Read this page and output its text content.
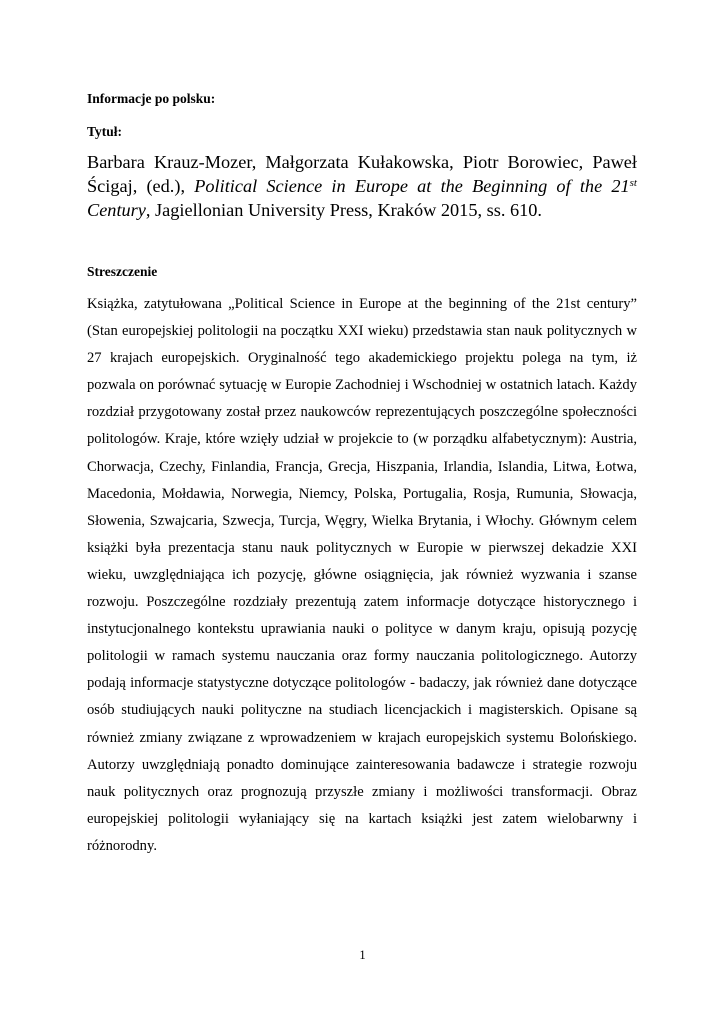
Informacje po polsku:
Tytuł:
Barbara Krauz-Mozer, Małgorzata Kułakowska, Piotr Borowiec, Paweł Ścigaj, (ed.), Political Science in Europe at the Beginning of the 21st Century, Jagiellonian University Press, Kraków 2015, ss. 610.
Streszczenie

Książka, zatytułowana „Political Science in Europe at the beginning of the 21st century” (Stan europejskiej politologii na początku XXI wieku) przedstawia stan nauk politycznych w 27 krajach europejskich. Oryginalność tego akademickiego projektu polega na tym, iż pozwala on porównać sytuację w Europie Zachodniej i Wschodniej w ostatnich latach. Każdy rozdział przygotowany został przez naukowców reprezentujących poszczególne społeczności politologów. Kraje, które wzięły udział w projekcie to (w porządku alfabetycznym): Austria, Chorwacja, Czechy, Finlandia, Francja, Grecja, Hiszpania, Irlandia, Islandia, Litwa, Łotwa, Macedonia, Mołdawia, Norwegia, Niemcy, Polska, Portugalia, Rosja, Rumunia, Słowacja, Słowenia, Szwajcaria, Szwecja, Turcja, Węgry, Wielka Brytania, i Włochy. Głównym celem książki była prezentacja stanu nauk politycznych w Europie w pierwszej dekadzie XXI wieku, uwzględniająca ich pozycję, główne osiągnięcia, jak również wyzwania i szanse rozwoju. Poszczególne rozdziały prezentują zatem informacje dotyczące historycznego i instytucjonalnego kontekstu uprawiania nauki o polityce w danym kraju, opisują pozycję politologii w ramach systemu nauczania oraz formy nauczania politologicznego. Autorzy podają informacje statystyczne dotyczące politologów - badaczy, jak również dane dotyczące osób studiujących nauki polityczne na studiach licencjackich i magisterskich. Opisane są również zmiany związane z wprowadzeniem w krajach europejskich systemu Bolońskiego. Autorzy uwzględniają ponadto dominujące zainteresowania badawcze i strategie rozwoju nauk politycznych oraz prognozują przyszłe zmiany i możliwości transformacji. Obraz europejskiej politologii wyłaniający się na kartach książki jest zatem wielobarwny i różnorodny.

1
